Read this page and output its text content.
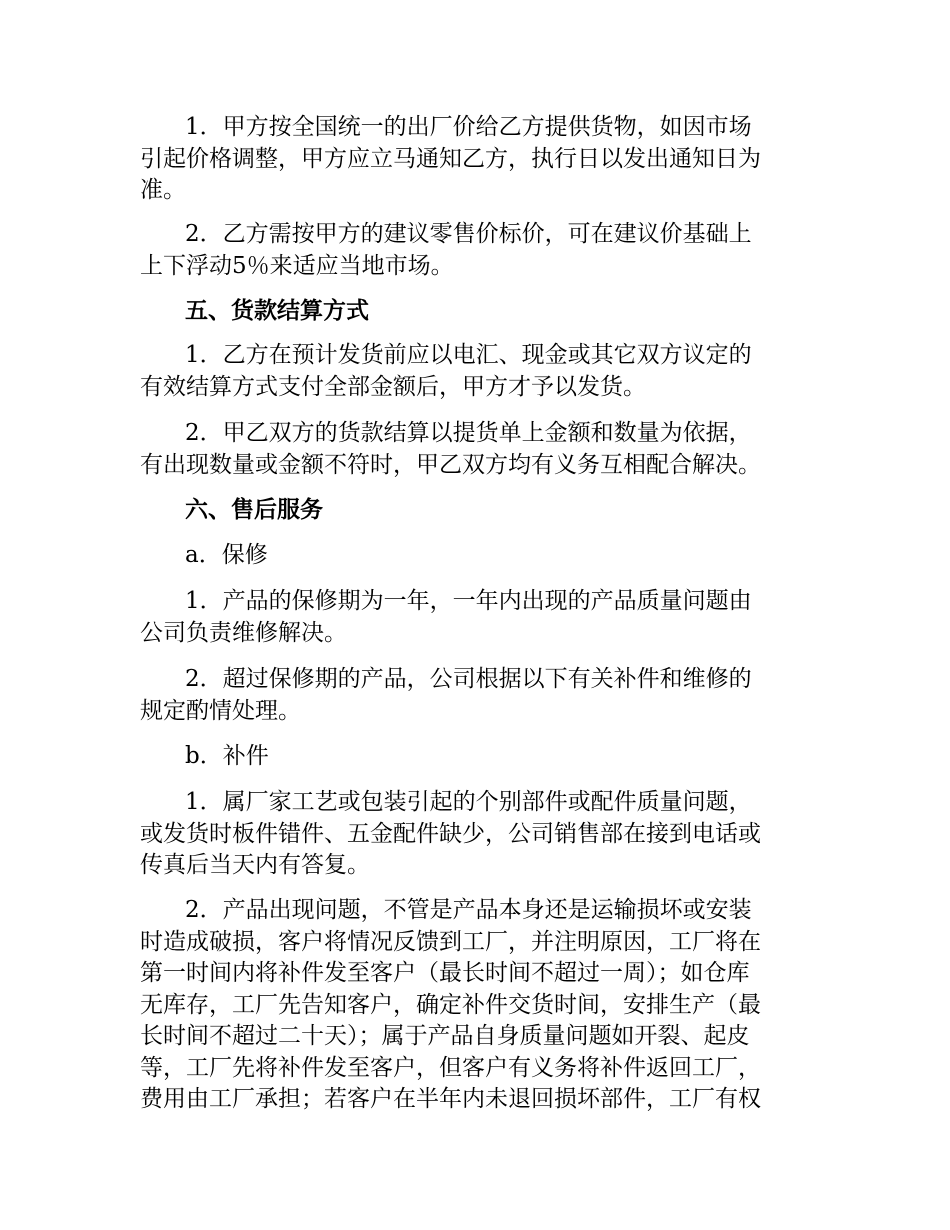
1．甲方按全国统一的出厂价给乙方提供货物，如因市场
引起价格调整，甲方应立马通知乙方，执行日以发出通知日为
准。
2．乙方需按甲方的建议零售价标价，可在建议价基础上
上下浮动5％来适应当地市场。
五、货款结算方式
1．乙方在预计发货前应以电汇、现金或其它双方议定的
有效结算方式支付全部金额后，甲方才予以发货。
2．甲乙双方的货款结算以提货单上金额和数量为依据，
有出现数量或金额不符时，甲乙双方均有义务互相配合解决。
六、售后服务
a．保修
1．产品的保修期为一年，一年内出现的产品质量问题由
公司负责维修解决。
2．超过保修期的产品，公司根据以下有关补件和维修的
规定酌情处理。
b．补件
1．属厂家工艺或包装引起的个别部件或配件质量问题，
或发货时板件错件、五金配件缺少，公司销售部在接到电话或
传真后当天内有答复。
2．产品出现问题，不管是产品本身还是运输损坏或安装
时造成破损，客户将情况反馈到工厂，并注明原因，工厂将在
第一时间内将补件发至客户（最长时间不超过一周）；如仓库
无库存，工厂先告知客户，确定补件交货时间，安排生产（最
长时间不超过二十天）；属于产品自身质量问题如开裂、起皮
等，工厂先将补件发至客户，但客户有义务将补件返回工厂，
费用由工厂承担；若客户在半年内未退回损坏部件，工厂有权
